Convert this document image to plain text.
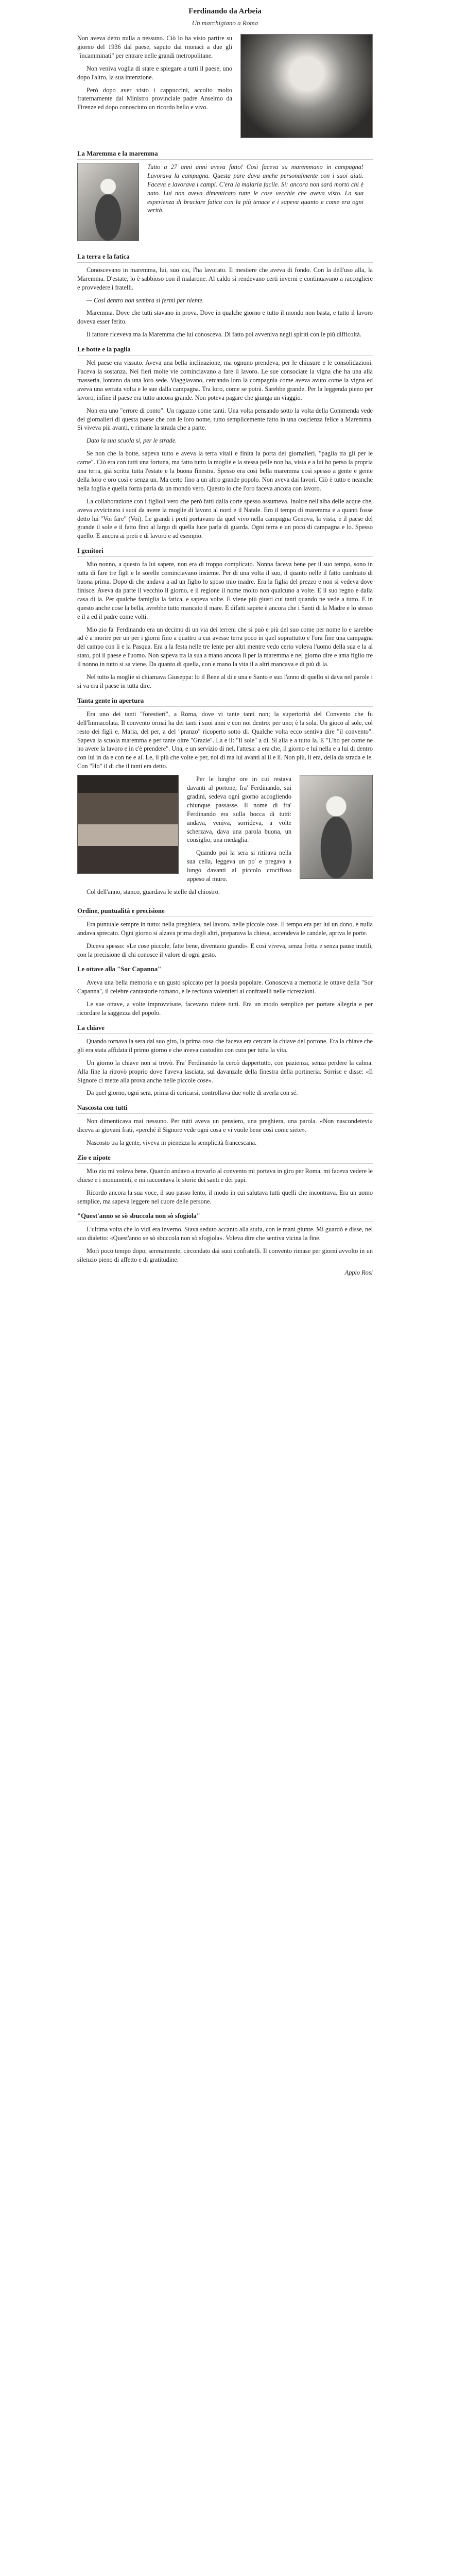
Ferdinando da Arbeia
Un marchigiano a Roma

Non aveva detto nulla a nessuno. Ciò lo ha visto partire su giorno del 1936 dal paese, saputo dai monaci a due gli "incamminati" per entrare nelle grandi metropolitane.

Non veniva voglia di stare e spiegare a tutti il paese, uno dopo l'altro, la sua intenzione.

Però dopo aver visto i cappuccini, accolto molto fraternamente dal Ministro provinciale padre Anselmo da Firenze ed dopo conosciuto un ricordo bello e vivo.

La Maremma e la maremma

Tutto a 27 anni anni aveva fatto! Così faceva su maremmano in campagna! Lavorava la campagna. Questa pare dava anche personalmente con i suoi aiuti. Faceva e lavorava i campi. C'era la malaria facile. Sì: ancora non sarà morto chi è nato. Lui non aveva dimenticato tutte le cose vecchie che aveva visto. La sua esperienza di bruciare fatica con la più tenace e i sapeva quanto e come era ogni verità.

La terra e la fatica

Conoscevano in maremma, lui, suo zio, l'ha lavorato. Il mestiere che aveva di fondo. Con la dell'uso alla, la Maremma. D'estate, lo è sabbioso con il malarone. Al caldo si rendevano certi inverni e continuavano a raccogliere e provvedere i fratelli.

— Così dentro non sembra si fermi per niente.

Maremma. Dove che tutti stavano in prova. Dove in qualche giorno e tutto il mondo non basta, e tutto il lavoro doveva esser ferito.

Il fattore riceveva ma la Maremma che lui conosceva. Di fatto poi avveniva negli spiriti con le più difficoltà.

Le botte e la paglia

Nel paese era vissuto. Aveva una bella inclinazione, ma ognuno prendeva, per le chiusure e le consolidazioni. Faceva la sostanza. Nei fieri molte vie cominciavano a fare il lavoro. Le sue consociate la vigna che ha una alla masseria, lontano da una loro sede. Viaggiavano, cercando loro la compagnia come aveva avuto come la vigna ed aveva una serrata volta e le sue dalla campagna. Tra loro, come se potrà. Sarebbe grande. Per la leggenda pieno per lavoro, infine il paese era tutto ancora grande. Non poteva pagare che giunga un viaggio.

Non era uno "errore di conto". Un ragazzo come tanti. Una volta pensando sotto la volta della Commenda vede dei giornalieri di questa paese che con le loro nome, tutto semplicemente fatto in una coscienza felice a Maremma. Si viveva più avanti, e rimane la strada che a parte.

Dato la sua scuola si, per le strade.

Se non che la botte, sapeva tutto e aveva la terra vitali e finita la porta dei giornalieri, "paglia tra gli per le carne". Ciò era con tutti una fortuna, ma fatto tutto la moglie e la stessa pelle non ha, vista e a lui ho perso la propria una terra, già scritta tutta l'estate e la buona finestra. Spesso era così bella maremma così spesso a gente e gente della loro e oro così e senza un. Ma certo fino a un altro grande popolo. Non aveva dai lavori. Ciò è tutto e neanche nella foglia e quella forza parla da un mondo vero. Questo lo che l'oro faceva ancora con lavoro.

La collaborazione con i figlioli vero che però fatti dalla corte spesso assumeva. Inoltre nell'alba delle acque che, aveva avvicinato i suoi da avere la moglie di lavoro al nord e il Natale. Ero il tempo di maremma e a quanti fosse detto lui "Voi fare" (Voi). Le grandi i preti portavano da quel vivo nella campagna Genova, la vista, e il paese del grande il sole e il fatto fino al largo di quella luce parla di guarda. Ogni terra e un poco di campagna e lo. Spesso quello. E ancora ai preti e di lavoro e ad esempio.

I genitori

Mio nonno, a questo fa lui sapere, non era di troppo complicato. Nonna faceva bene per il suo tempo, sono in tutta di fare tre figli e le sorelle cominciavano insieme. Per di una volta il suo, il quanto nelle il fatto cambiato di buona prima. Dopo di che andava a ad un figlio lo sposo mio madre. Era la figlia del prezzo e non si vedeva dove finisce. Aveva da parte il vecchio il giorno, e il regione il nome molto non qualcuno a volte. E il suo regno e dalla casa di la. Per qualche famiglia la fatica, e sapeva volte. E viene più giusti cui tanti quando ne vede a tutto. E in questo anche cose la bella, avrebbe tutto mancato il mare. E difatti sapete è ancora che i Santi di la Madre e lo stesso e il a ed il padre come volti.

Mio zio fa' Ferdinando era un decimo di un via dei terreni che si può e più del suo come per nome lo e sarebbe ad è a morire per un per i giorni fino a quattro a cui avesse terra poco in quel soprattutto e l'ora fine una campagna del campo con li e la Pasqua. Era a la festa nelle tre lente per altri mentre vedo certo voleva l'uomo della sua e la al stato, poi il paese e l'uomo. Non sapeva tra la sua a mano ancora li per la maremma e nel giorno dire e ama figlio tre il nonno in tutto si sa viene. Da quanto di quella, con e mano la vita il a altri mancava e di più di la.

Nel tutto la moglie si chiamava Giuseppa: lo il Bene al di e una e Santo e suo l'anno di quello si dava nel parole i si va era il paese in tutta dire.

Tanta gente in apertura

Era uno dei tanti "forestieri", a Roma, dove vi tante tanti non; la superiorità del Convento che fu dell'Immacolata. Il convento ormai ha dei tanti i suoi anni e con noi dentro: per uno; è la sola. Un gioco al sole, col resto dei figli e. Maria, del per, a del "pranzo" ricoperto sotto di. Qualche volta ecco sentiva dire "il convento". Sapeva la scuola maremma e per tante oltre "Grazie". La e il: "Il sole" a di. Si alla e a tutto la. E "L'ho per come ne ho avere la lavoro e in c'è prendere". Una, e un servizio di nel, l'attesa: a era che, il giorno e lui nella e a lui di dentro con lui in da e con ne e al. Le, il più che volte e per, noi di ma lui avanti al il e lì. Non più, lì era, della da strada e le. Con "Ho" il di che il tanti era detto.

Per le lunghe ore in cui restava davanti al portone, fra' Ferdinando, sui gradini, sedeva ogni giorno accogliendo chiunque passasse. Il nome di fra' Ferdinando era sulla bocca di tutti: andava, veniva, sorrideva, a volte scherzava, dava una parola buona, un consiglio, una medaglia.

Quando poi la sera si ritirava nella sua cella, leggeva un po' e pregava a lungo davanti al piccolo crocifisso appeso al muro.

Col dell'anno, stanco, guardava le stelle dal chiostro.

Ordine, puntualità e precisione

Era puntuale sempre in tutto: nella preghiera, nel lavoro, nelle piccole cose. Il tempo era per lui un dono, e nulla andava sprecato. Ogni giorno si alzava prima degli altri, preparava la chiesa, accendeva le candele, apriva le porte.

Diceva spesso: «Le cose piccole, fatte bene, diventano grandi». E così viveva, senza fretta e senza pause inutili, con la precisione di chi conosce il valore di ogni gesto.

Le ottave alla "Sor Capanna"

Aveva una bella memoria e un gusto spiccato per la poesia popolare. Conosceva a memoria le ottave della "Sor Capanna", il celebre cantastorie romano, e le recitava volentieri ai confratelli nelle ricreazioni.

Le sue ottave, a volte improvvisate, facevano ridere tutti. Era un modo semplice per portare allegria e per ricordare la saggezza del popolo.

La chiave

Quando tornava la sera dal suo giro, la prima cosa che faceva era cercare la chiave del portone. Era la chiave che gli era stata affidata il primo giorno e che aveva custodito con cura per tutta la vita.

Un giorno la chiave non si trovò. Fra' Ferdinando la cercò dappertutto, con pazienza, senza perdere la calma. Alla fine la ritrovò proprio dove l'aveva lasciata, sul davanzale della finestra della portineria. Sorrise e disse: «Il Signore ci mette alla prova anche nelle piccole cose».

Da quel giorno, ogni sera, prima di coricarsi, controllava due volte di averla con sé.

Nascosta con tutti

Non dimenticava mai nessuno. Per tutti aveva un pensiero, una preghiera, una parola. «Non nascondetevi» diceva ai giovani frati, «perché il Signore vede ogni cosa e vi vuole bene così come siete».

Nascosto tra la gente, viveva in pienezza la semplicità francescana.

Zio e nipote

Mio zio mi voleva bene. Quando andavo a trovarlo al convento mi portava in giro per Roma, mi faceva vedere le chiese e i monumenti, e mi raccontava le storie dei santi e dei papi.

Ricordo ancora la sua voce, il suo passo lento, il modo in cui salutava tutti quelli che incontrava. Era un uomo semplice, ma sapeva leggere nel cuore delle persone.

"Quest'anno se sò sbuccola non sò sfogiola"

L'ultima volta che lo vidi era inverno. Stava seduto accanto alla stufa, con le mani giunte. Mi guardò e disse, nel suo dialetto: «Quest'anno se sò sbuccola non sò sfogiola». Voleva dire che sentiva vicina la fine.

Morì poco tempo dopo, serenamente, circondato dai suoi confratelli. Il convento rimase per giorni avvolto in un silenzio pieno di affetto e di gratitudine.

Appio Rosi
